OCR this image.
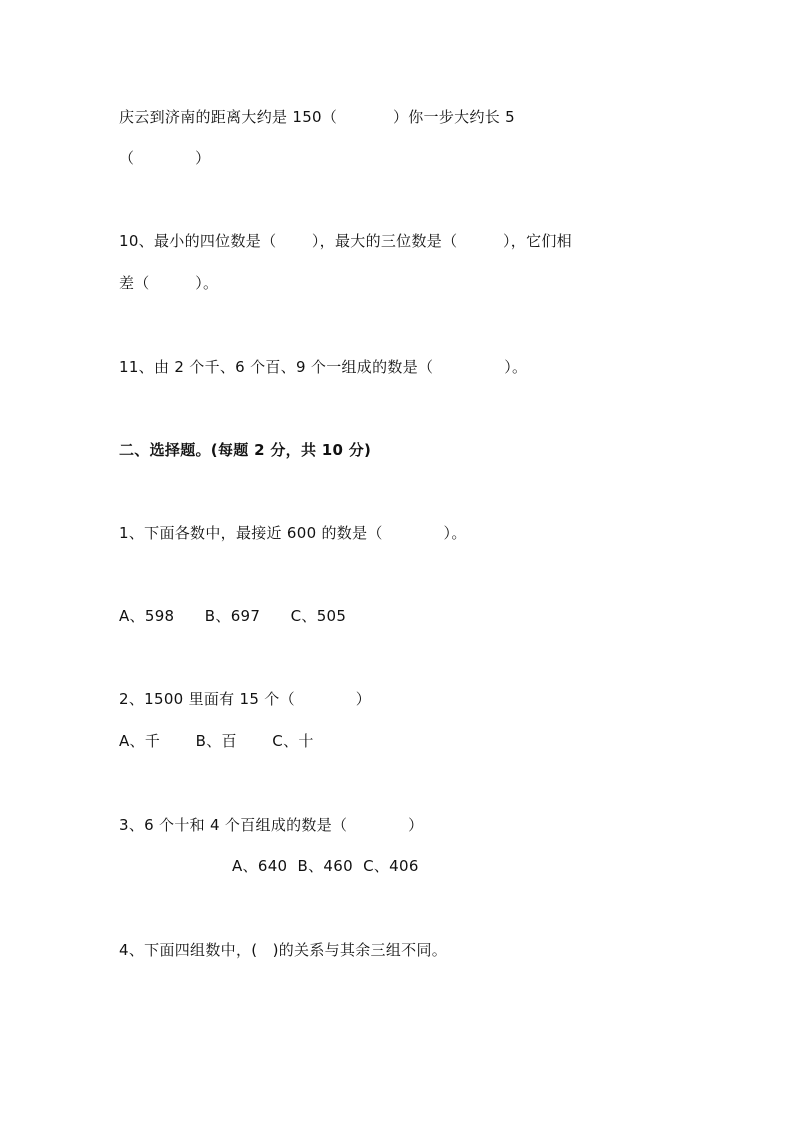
庆云到济南的距离大约是 150（           ）你一步大约长 5
（            ）
10、最小的四位数是（       ），最大的三位数是（         ），它们相
差（         ）。
11、由 2 个千、6 个百、9 个一组成的数是（              ）。
二、选择题。(每题 2 分，共 10 分)
1、下面各数中，最接近 600 的数是（            ）。
A、598      B、697      C、505
2、1500 里面有 15 个（            ）
A、千       B、百       C、十
3、6 个十和 4 个百组成的数是（            ）
A、640  B、460  C、406
4、下面四组数中，(   )的关系与其余三组不同。
